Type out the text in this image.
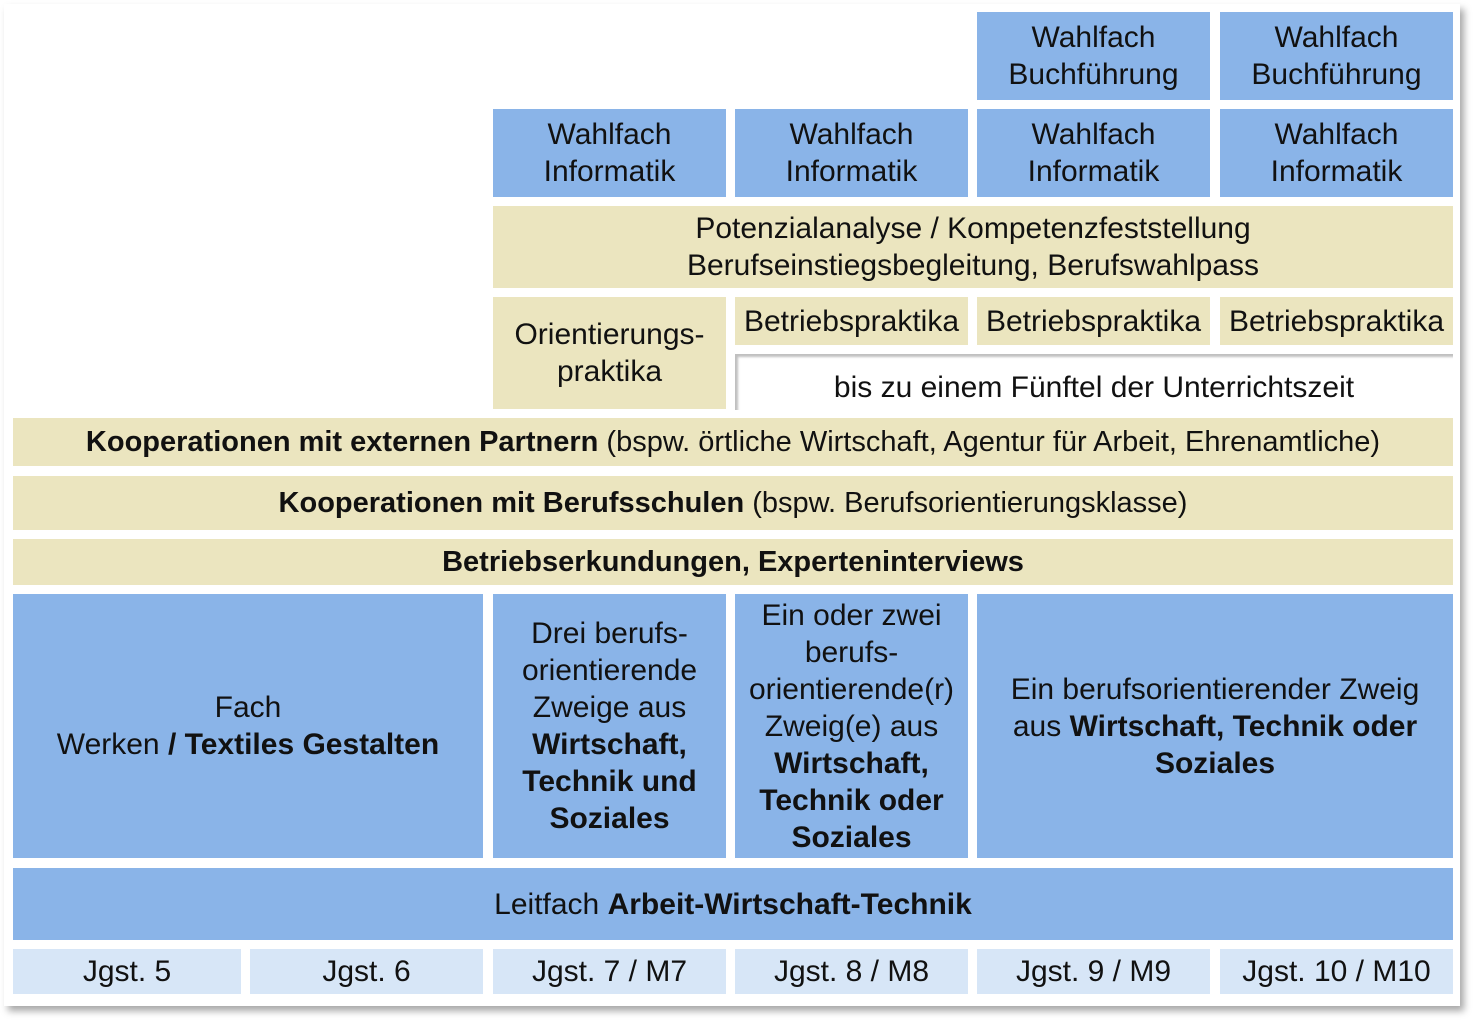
Wahlfach
Buchführung
Wahlfach
Buchführung
Wahlfach
Informatik
Wahlfach
Informatik
Wahlfach
Informatik
Wahlfach
Informatik
Potenzialanalyse / Kompetenzfeststellung
Berufseinstiegsbegleitung, Berufswahlpass
Orientierungs-
praktika
Betriebspraktika Betriebspraktika Betriebspraktika
bis zu einem Fünftel der Unterrichtszeit
Kooperationen mit externen Partnern (bspw. örtliche Wirtschaft, Agentur für Arbeit, Ehrenamtliche)
Kooperationen mit Berufsschulen (bspw. Berufsorientierungsklasse)
Betriebserkundungen, Experteninterviews
Fach
Werken / Textiles Gestalten
Drei berufs-
orientierende
Zweige aus
Wirtschaft,
Technik und
Soziales
Ein oder zwei
berufs-
orientierende(r)
Zweig(e) aus
Wirtschaft,
Technik oder
Soziales
Ein berufsorientierender Zweig
aus Wirtschaft, Technik oder
Soziales
Leitfach Arbeit-Wirtschaft-Technik
Jgst. 5	Jgst. 6	Jgst. 7 / M7	Jgst. 8 / M8	Jgst. 9 / M9 Jgst. 10 / M10
